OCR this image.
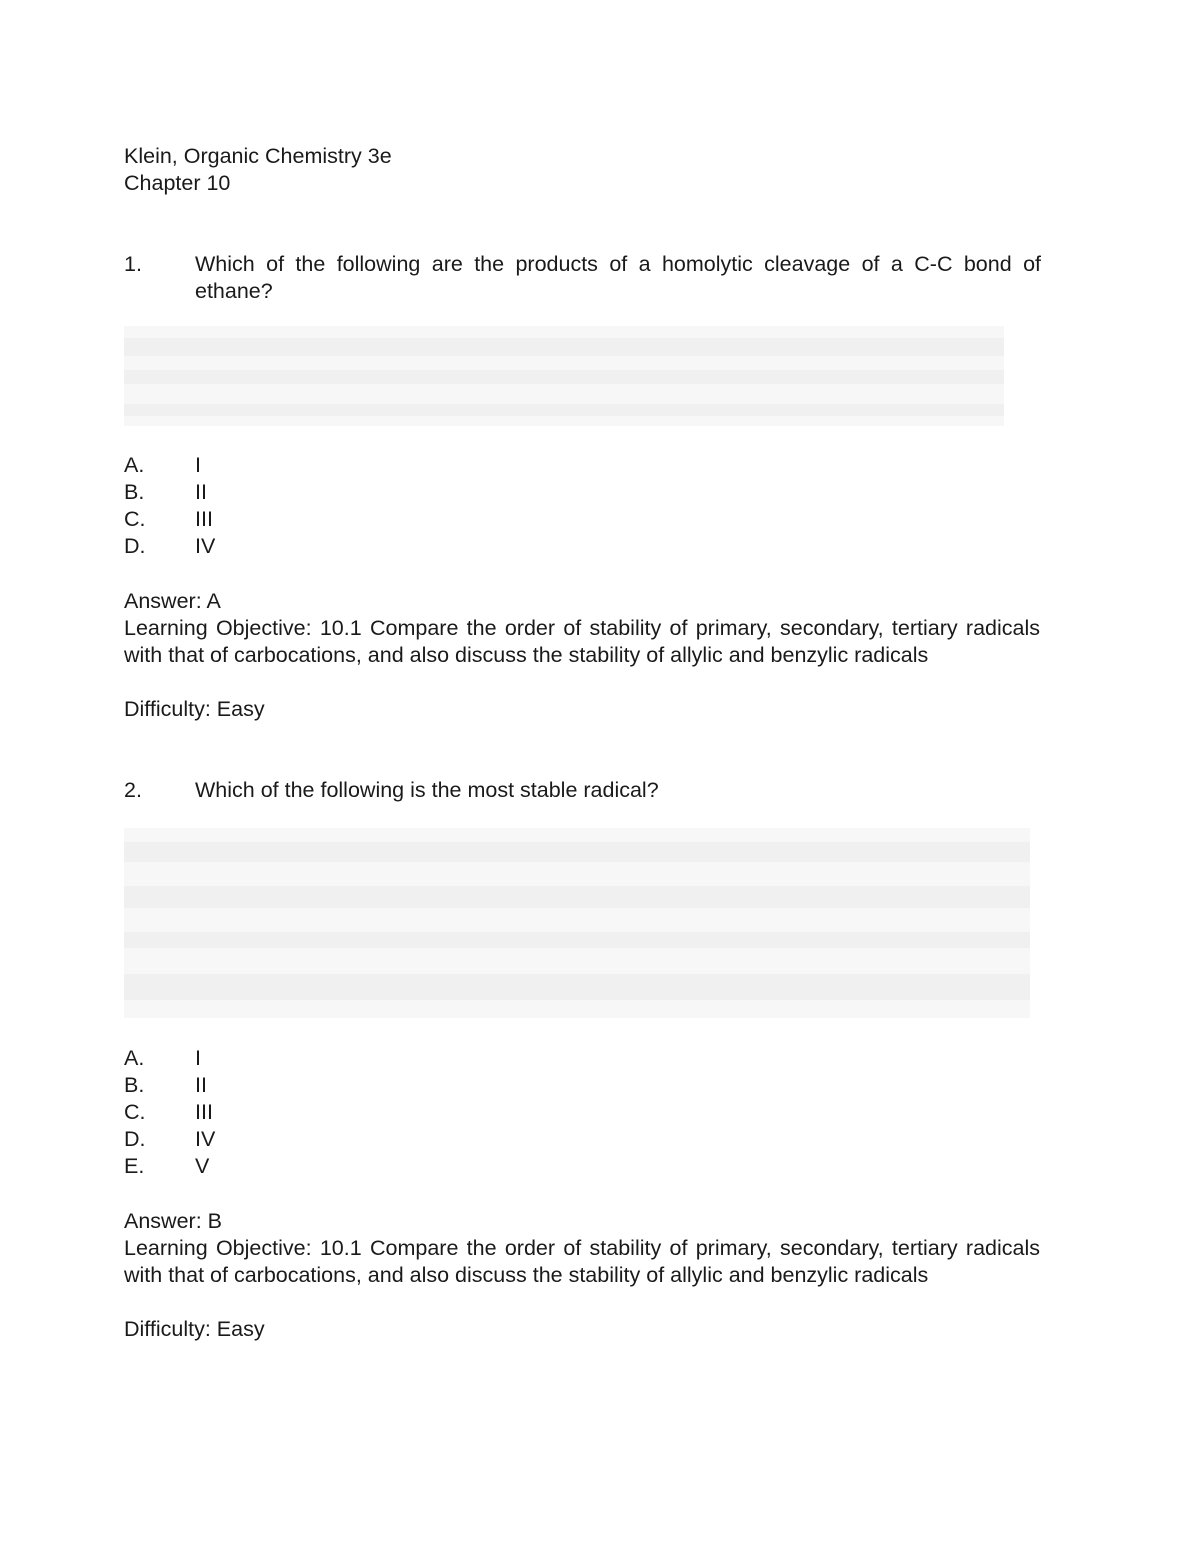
Klein, Organic Chemistry 3e
Chapter 10
1. Which of the following are the products of a homolytic cleavage of a C-C bond of ethane?
A. I
B. II
C. III
D. IV
Answer: A
Learning Objective: 10.1 Compare the order of stability of primary, secondary, tertiary radicals with that of carbocations, and also discuss the stability of allylic and benzylic radicals
Difficulty: Easy
2. Which of the following is the most stable radical?
A. I
B. II
C. III
D. IV
E. V
Answer: B
Learning Objective: 10.1 Compare the order of stability of primary, secondary, tertiary radicals with that of carbocations, and also discuss the stability of allylic and benzylic radicals
Difficulty: Easy
